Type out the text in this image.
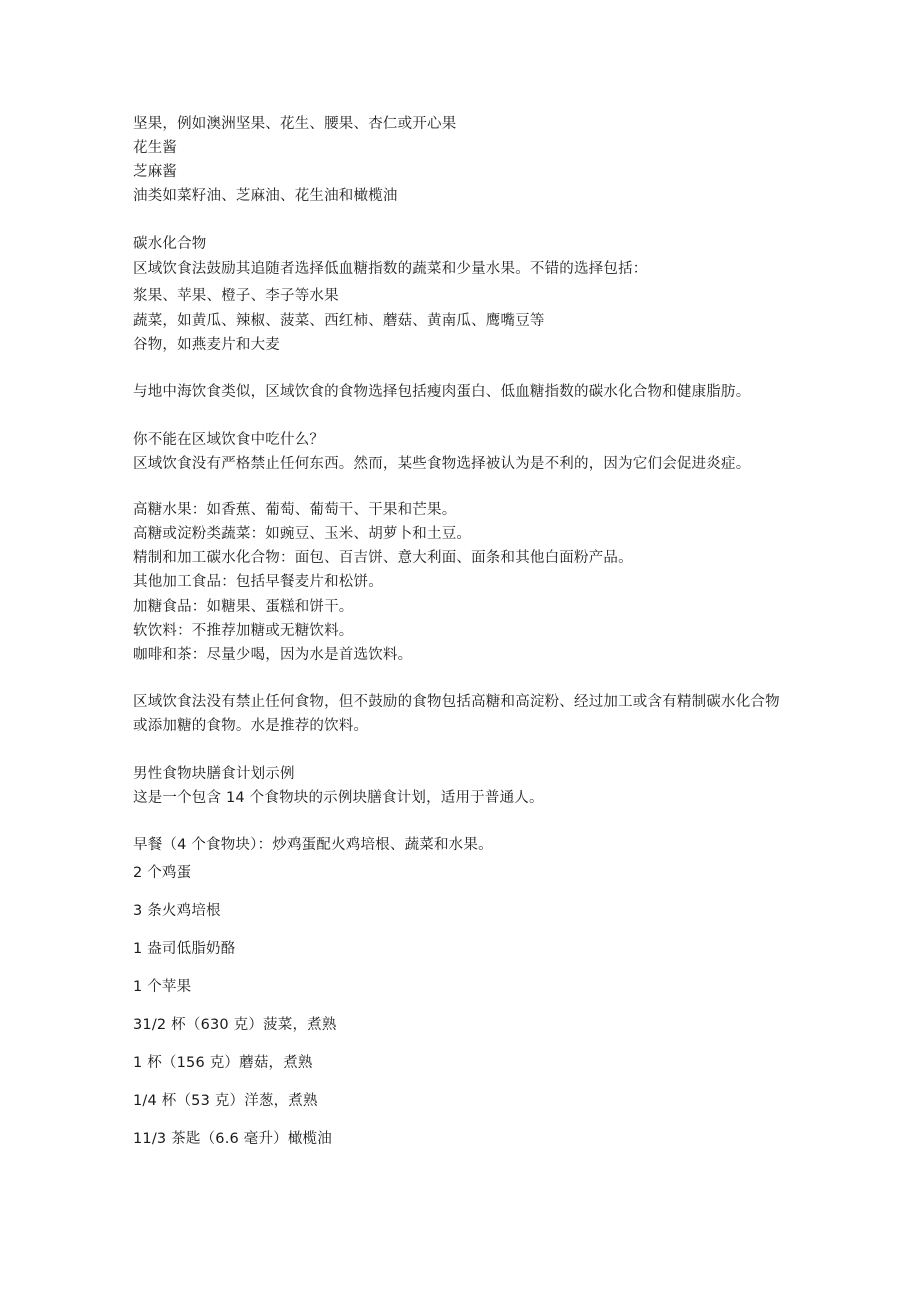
坚果，例如澳洲坚果、花生、腰果、杏仁或开心果
花生酱
芝麻酱
油类如菜籽油、芝麻油、花生油和橄榄油
碳水化合物
区域饮食法鼓励其追随者选择低血糖指数的蔬菜和少量水果。不错的选择包括：
浆果、苹果、橙子、李子等水果
蔬菜，如黄瓜、辣椒、菠菜、西红柿、蘑菇、黄南瓜、鹰嘴豆等
谷物，如燕麦片和大麦
与地中海饮食类似，区域饮食的食物选择包括瘦肉蛋白、低血糖指数的碳水化合物和健康脂肪。
你不能在区域饮食中吃什么？
区域饮食没有严格禁止任何东西。然而，某些食物选择被认为是不利的，因为它们会促进炎症。
高糖水果：如香蕉、葡萄、葡萄干、干果和芒果。
高糖或淀粉类蔬菜：如豌豆、玉米、胡萝卜和土豆。
精制和加工碳水化合物：面包、百吉饼、意大利面、面条和其他白面粉产品。
其他加工食品：包括早餐麦片和松饼。
加糖食品：如糖果、蛋糕和饼干。
软饮料：不推荐加糖或无糖饮料。
咖啡和茶：尽量少喝，因为水是首选饮料。
区域饮食法没有禁止任何食物，但不鼓励的食物包括高糖和高淀粉、经过加工或含有精制碳水化合物或添加糖的食物。水是推荐的饮料。
男性食物块膳食计划示例
这是一个包含 14 个食物块的示例块膳食计划，适用于普通人。
早餐（4 个食物块）：炒鸡蛋配火鸡培根、蔬菜和水果。
2 个鸡蛋
3 条火鸡培根
1 盎司低脂奶酪
1 个苹果
31/2 杯（630 克）菠菜，煮熟
1 杯（156 克）蘑菇，煮熟
1/4 杯（53 克）洋葱，煮熟
11/3 茶匙（6.6 毫升）橄榄油
